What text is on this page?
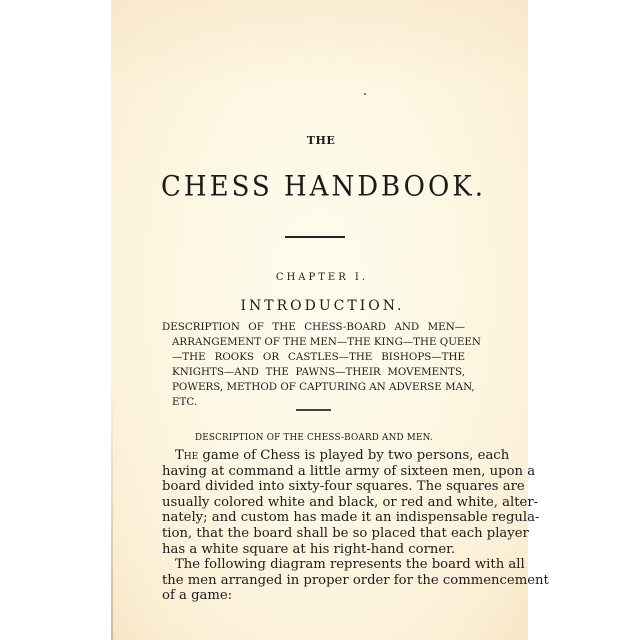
THE
CHESS HANDBOOK.
CHAPTER I.
INTRODUCTION.
DESCRIPTION OF THE CHESS-BOARD AND MEN—
ARRANGEMENT OF THE MEN—THE KING—THE QUEEN
—THE ROOKS OR CASTLES—THE BISHOPS—THE
KNIGHTS—AND THE PAWNS—THEIR MOVEMENTS,
POWERS, METHOD OF CAPTURING AN ADVERSE MAN,
ETC.
DESCRIPTION OF THE CHESS-BOARD AND MEN.
The game of Chess is played by two persons, each
having at command a little army of sixteen men, upon a
board divided into sixty-four squares. The squares are
usually colored white and black, or red and white, alter-
nately; and custom has made it an indispensable regula-
tion, that the board shall be so placed that each player
has a white square at his right-hand corner.
The following diagram represents the board with all
the men arranged in proper order for the commencement
of a game:
